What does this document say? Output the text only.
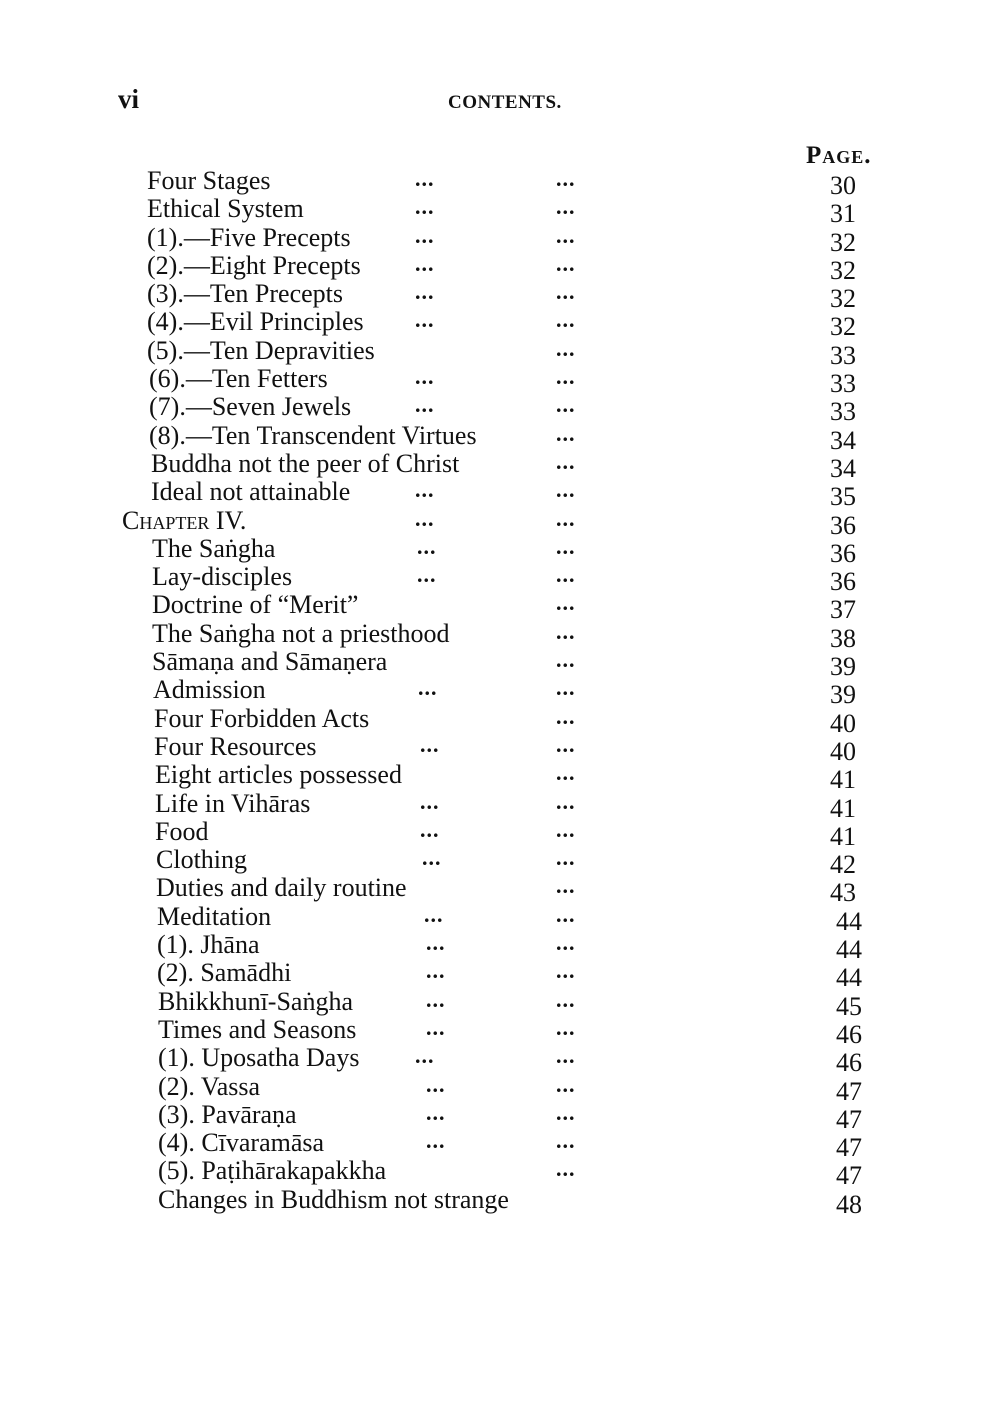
vi	CONTENTS.
Page.
Four Stages	...	...	30
Ethical System	...	...	31
(1).—Five Precepts	...	...	32
(2).—Eight Precepts ...	...	32
(3).—Ten Precepts	...	...	32
(4).—Evil Principles ...	...	32
(5).—Ten Depravities	...	33
(6).—Ten Fetters	...	...	33
(7).—Seven Jewels	...	...	33
(8).—Ten Transcendent Virtues	...	34
Buddha not the peer of Christ	...	34
Ideal not attainable	...	...	35
Chapter IV.	...	...	36
The Saṅgha	...	...	36
Lay-disciples	...	...	36
Doctrine of “Merit”	...	37
The Saṅgha not a priesthood	...	38
Sāmaṇa and Sāmaṇera	...	39
Admission	...	...	39
Four Forbidden Acts	...	40
Four Resources	...	...	40
Eight articles possessed	...	41
Life in Vihāras	...	...	41
Food	...	...	41
Clothing	...	...	42
Duties and daily routine	...	43
Meditation	...	...	44
(1). Jhāna	...	...	44
(2). Samādhi	...	...	44
Bhikkhunī-Saṅgha	...	...	45
Times and Seasons	...	...	46
(1). Uposatha Days	...	...	46
(2). Vassa	...	...	47
(3). Pavāraṇa	...	...	47
(4). Cīvaramāsa	...	...	47
(5). Paṭihārakapakkha	...	47
Changes in Buddhism not strange	48
